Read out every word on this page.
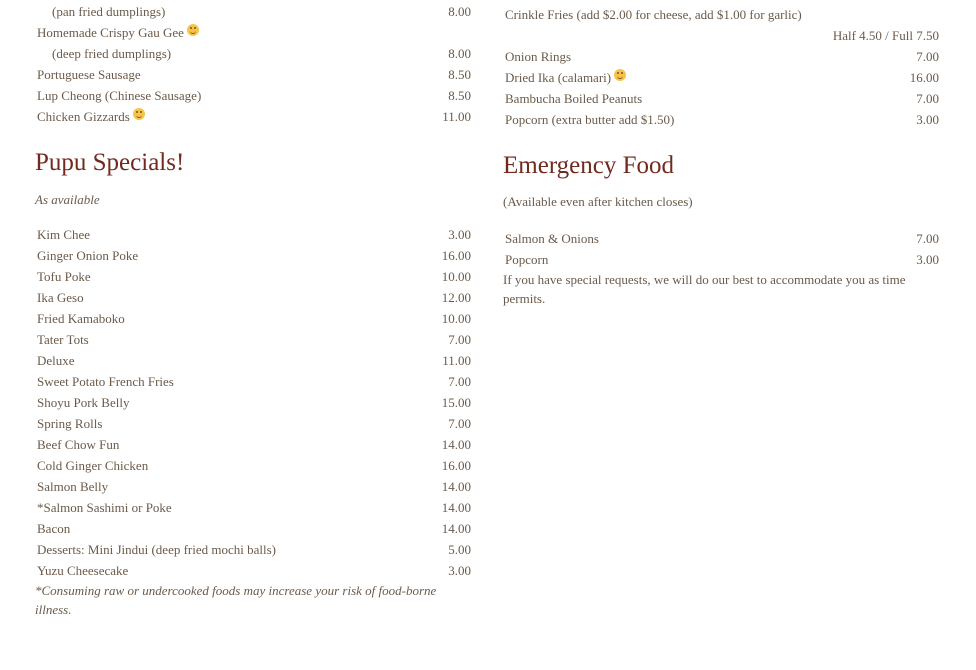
(pan fried dumplings)	8.00
Homemade Crispy Gau Gee
(deep fried dumplings)	8.00
Portuguese Sausage	8.50
Lup Cheong (Chinese Sausage)	8.50
Chicken Gizzards	11.00
Pupu Specials!
As available
Kim Chee	3.00
Ginger Onion Poke	16.00
Tofu Poke	10.00
Ika Geso	12.00
Fried Kamaboko	10.00
Tater Tots	7.00
Deluxe	11.00
Sweet Potato French Fries	7.00
Shoyu Pork Belly	15.00
Spring Rolls	7.00
Beef Chow Fun	14.00
Cold Ginger Chicken	16.00
Salmon Belly	14.00
*Salmon Sashimi or Poke	14.00
Bacon	14.00
Desserts: Mini Jindui (deep fried mochi balls)	5.00
Yuzu Cheesecake	3.00
*Consuming raw or undercooked foods may increase your risk of food-borne illness.
Crinkle Fries (add $2.00 for cheese, add $1.00 for garlic)
Half 4.50 / Full 7.50
Onion Rings	7.00
Dried Ika (calamari)	16.00
Bambucha Boiled Peanuts	7.00
Popcorn (extra butter add $1.50)	3.00
Emergency Food
(Available even after kitchen closes)
Salmon & Onions	7.00
Popcorn	3.00
If you have special requests, we will do our best to accommodate you as time permits.
